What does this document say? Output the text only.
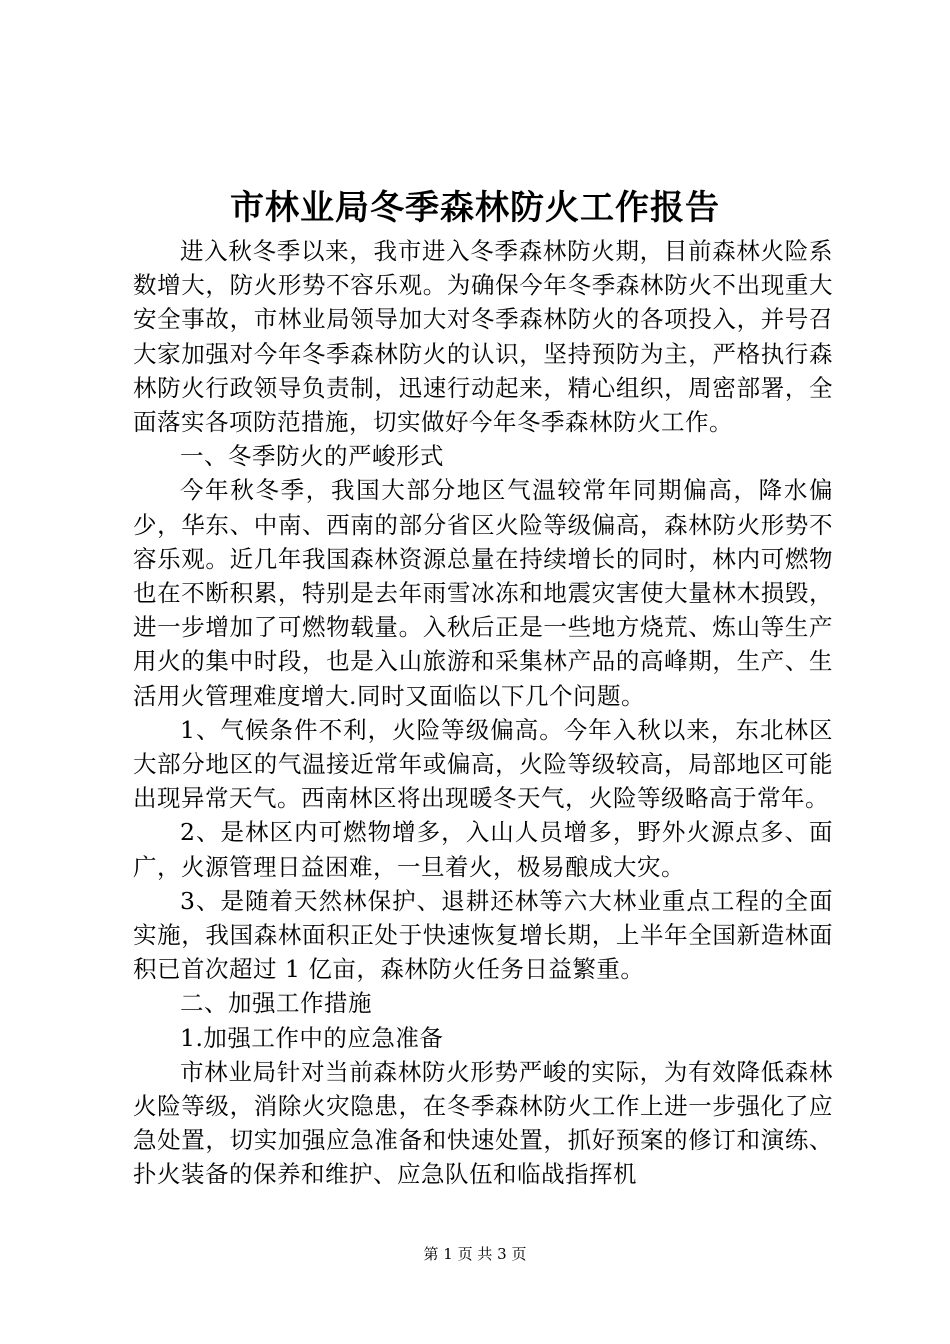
市林业局冬季森林防火工作报告

进入秋冬季以来，我市进入冬季森林防火期，目前森林火险系数增大，防火形势不容乐观。为确保今年冬季森林防火不出现重大安全事故，市林业局领导加大对冬季森林防火的各项投入，并号召大家加强对今年冬季森林防火的认识，坚持预防为主，严格执行森林防火行政领导负责制，迅速行动起来，精心组织，周密部署，全面落实各项防范措施，切实做好今年冬季森林防火工作。

一、冬季防火的严峻形式

今年秋冬季，我国大部分地区气温较常年同期偏高，降水偏少，华东、中南、西南的部分省区火险等级偏高，森林防火形势不容乐观。近几年我国森林资源总量在持续增长的同时，林内可燃物也在不断积累，特别是去年雨雪冰冻和地震灾害使大量林木损毁，进一步增加了可燃物载量。入秋后正是一些地方烧荒、炼山等生产用火的集中时段，也是入山旅游和采集林产品的高峰期，生产、生活用火管理难度增大.同时又面临以下几个问题。

1、气候条件不利，火险等级偏高。今年入秋以来，东北林区大部分地区的气温接近常年或偏高，火险等级较高，局部地区可能出现异常天气。西南林区将出现暖冬天气，火险等级略高于常年。

2、是林区内可燃物增多，入山人员增多，野外火源点多、面广，火源管理日益困难，一旦着火，极易酿成大灾。

3、是随着天然林保护、退耕还林等六大林业重点工程的全面实施，我国森林面积正处于快速恢复增长期，上半年全国新造林面积已首次超过 1 亿亩，森林防火任务日益繁重。

二、加强工作措施

1.加强工作中的应急准备

市林业局针对当前森林防火形势严峻的实际，为有效降低森林火险等级，消除火灾隐患，在冬季森林防火工作上进一步强化了应急处置，切实加强应急准备和快速处置，抓好预案的修订和演练、扑火装备的保养和维护、应急队伍和临战指挥机

第 1 页 共 3 页
